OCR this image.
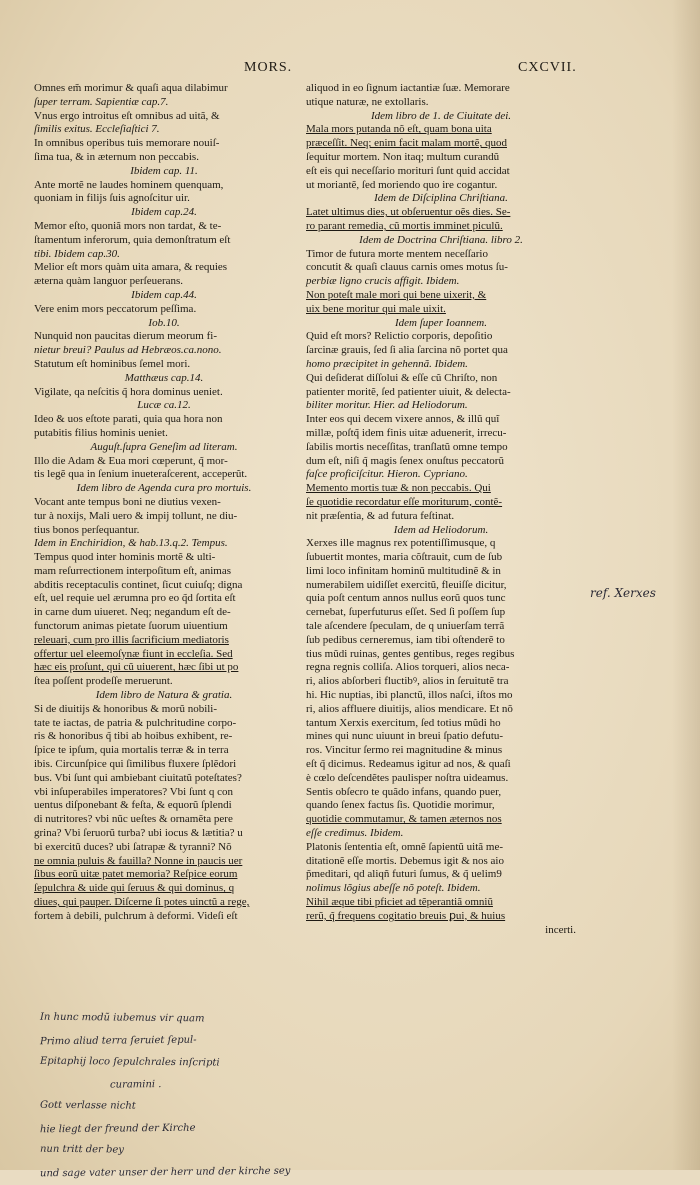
MORS.	CXCVII.
Omnes em̃ morimur & quaſi aqua dilabimur
ſuper terram. Sapientiæ cap.7.
Vnus ergo introitus eſt omnibus ad uitã, &
ſimilis exitus. Eccleſiaſtici 7.
In omnibus operibus tuis memorare nouiſ-
ſima tua, & in æternum non peccabis.
Ibidem cap. 11.
Ante mortẽ ne laudes hominem quenquam,
quoniam in filijs ſuis agnoſcitur uir.
Ibidem cap.24.
Memor eſto, quoniã mors non tardat, & te-
ſtamentum inferorum, quia demonſtratum eſt
tibi. Ibidem cap.30.
Melior eſt mors quàm uita amara, & requies
æterna quàm languor perſeuerans.
Ibidem cap.44.
Vere enim mors peccatorum peſſima.
Iob.10.
Nunquid non paucitas dierum meorum fi-
nietur breui? Paulus ad Hebræos.ca.nono.
Statutum eſt hominibus ſemel mori.
Matthæus cap.14.
Vigilate, qa neſcitis q̃ hora dominus ueniet.
Lucæ ca.12.
Ideo & uos eſtote parati, quia qua hora non
putabitis filius hominis ueniet.
Auguſt.ſupra Geneſim ad literam.
Illo die Adam & Eua mori cœperunt, q̃ mor-
tis legẽ qua in ſenium inueteraſcerent, acceperũt.
Idem libro de Agenda cura pro mortuis.
Vocant ante tempus boni ne diutius vexen-
tur à noxijs, Mali uero & impij tollunt, ne diu-
tius bonos perſequantur.
Idem in Enchiridion, & hab.13.q.2. Tempus.
Tempus quod inter hominis mortẽ & ulti-
mam reſurrectionem interpoſitum eſt, animas
abditis receptaculis continet, ſicut cuiuſq; digna
eſt, uel requie uel ærumna pro eo q̃d ſortita eſt
in carne dum uiueret. Neq; negandum eſt de-
functorum animas pietate ſuorum uiuentium
releuari, cum pro illis ſacrificium mediatoris
offertur uel eleemoſynæ fiunt in eccleſia. Sed
hæc eis proſunt, qui cũ uiuerent, hæc ſibi ut po
ſtea poſſent prodeſſe meruerunt.
Idem libro de Natura & gratia.
Si de diuitijs & honoribus & morũ nobili-
tate te iactas, de patria & pulchritudine corpo-
ris & honoribus q̃ tibi ab hoibus exhibent, re-
ſpice te ipſum, quia mortalis terræ & in terra
ibis. Circunſpice qui ſimilibus fluxere ſplẽdori
bus. Vbi ſunt qui ambiebant ciuitatũ poteſtates?
vbi inſuperabiles imperatores? Vbi ſunt q con
uentus diſponebant & feſta, & equorũ ſplendi
di nutritores? vbi nũc ueſtes & ornamẽta pere
grina? Vbi ſeruorũ turba? ubi iocus & lætitia? u
bi exercitũ duces? ubi ſatrapæ & tyranni? Nõ
ne omnia puluis & fauilla? Nonne in paucis uer
ſibus eorũ uitæ patet memoria? Reſpice eorum
ſepulchra & uide qui ſeruus & qui dominus, q
diues, qui pauper. Diſcerne ſi potes uinctũ a rege,
fortem à debili, pulchrum à deformi. Videſi eſt
aliquod in eo ſignum iactantiæ ſuæ. Memorare
utique naturæ, ne extollaris.
Idem libro de 1. de Ciuitate dei.
Mala mors putanda nõ eſt, quam bona uita
præceſſit. Neq; enim facit malam mortẽ, quod
ſequitur mortem. Non itaq; multum curandũ
eſt eis qui neceſſario morituri ſunt quid accidat
ut moriantẽ, ſed moriendo quo ire cogantur.
Idem de Diſciplina Chriſtiana.
Latet ultimus dies, ut obſeruentur oẽs dies. Se-
ro parant remedia, cũ mortis imminet piculũ.
Idem de Doctrina Chriſtiana. libro 2.
Timor de futura morte mentem neceſſario
concutit & quaſi clauus carnis omes motus ſu-
perbiæ ligno crucis affigit. Ibidem.
Non poteſt male mori qui bene uixerit, &
uix bene moritur qui male uixit.
Idem ſuper Ioannem.
Quid eſt mors? Relictio corporis, depoſitio
ſarcinæ grauis, ſed ſi alia ſarcina nõ portet qua
homo præcipitet in gehennã. Ibidem.
Qui deſiderat diſſolui & eſſe cũ Chriſto, non
patienter moritẽ, ſed patienter uiuit, & delecta-
biliter moritur. Hier. ad Heliodorum.
Inter eos qui decem vixere annos, & illũ quĩ
millæ, poſtq̃ idem finis uitæ aduenerit, irrecu-
ſabilis mortis neceſſitas, tranſlatũ omne tempo
dum eſt, niſi q̃ magis ſenex onuſtus peccatorũ
faſce proficiſcitur. Hieron. Cypriano.
Memento mortis tuæ & non peccabis. Qui
ſe quotidie recordatur eſſe moriturum, contẽ-
nit præſentia, & ad futura feſtinat.
Idem ad Heliodorum.
Xerxes ille magnus rex potentiſſimusque, q
ſubuertit montes, maria cõſtrauit, cum de ſub
limi loco infinitam hominũ multitudinẽ & in
numerabilem uidiſſet exercitũ, fleuiſſe dicitur,
quia poſt centum annos nullus eorũ quos tunc
cernebat, ſuperfuturus eſſet. Sed ſi poſſem ſup
tale aſcendere ſpeculam, de q uniuerſam terrã
ſub pedibus cerneremus, iam tibi oſtenderẽ to
tius mũdi ruinas, gentes gentibus, reges regibus
regna regnis colliſa. Alios torqueri, alios neca-
ri, alios abſorberi fluctibꝰ, alios in ſeruitutẽ tra
hi. Hic nuptias, ibi planctũ, illos naſci, iſtos mo
ri, alios affluere diuitijs, alios mendicare. Et nõ
tantum Xerxis exercitum, ſed totius mũdi ho
mines qui nunc uiuunt in breui ſpatio defutu-
ros. Vincitur ſermo rei magnitudine & minus
eſt q̃ dicimus. Redeamus igitur ad nos, & quaſi
è cœlo deſcendẽtes paulisper noſtra uideamus.
Sentis obſecro te quãdo infans, quando puer,
quando ſenex factus ſis. Quotidie morimur,
quotidie commutamur, & tamen æternos nos
eſſe credimus. Ibidem.
Platonis ſententia eſt, omnẽ ſapientũ uitã me-
ditationẽ eſſe mortis. Debemus igit & nos aio
p̃meditari, qd aliqñ futuri ſumus, & q̃ uelim9
nolimus lõgius abeſſe nõ poteſt. Ibidem.
Nihil æque tibi pficiet ad tẽperantiã omniũ
rerũ, q̃ frequens cogitatio breuis ꝑui, & huius
incerti.
ref. Xerxes
In hunc modũ iubemus vir quam
Primo aliud terra ſeruiet ſepul-
Epitaphij loco ſepulchrales inſcripti
curamini .
Gott verlasse nicht
hie liegt der freund der Kirche
nun tritt der bey
und sage vater unser der herr und der kirche sey
